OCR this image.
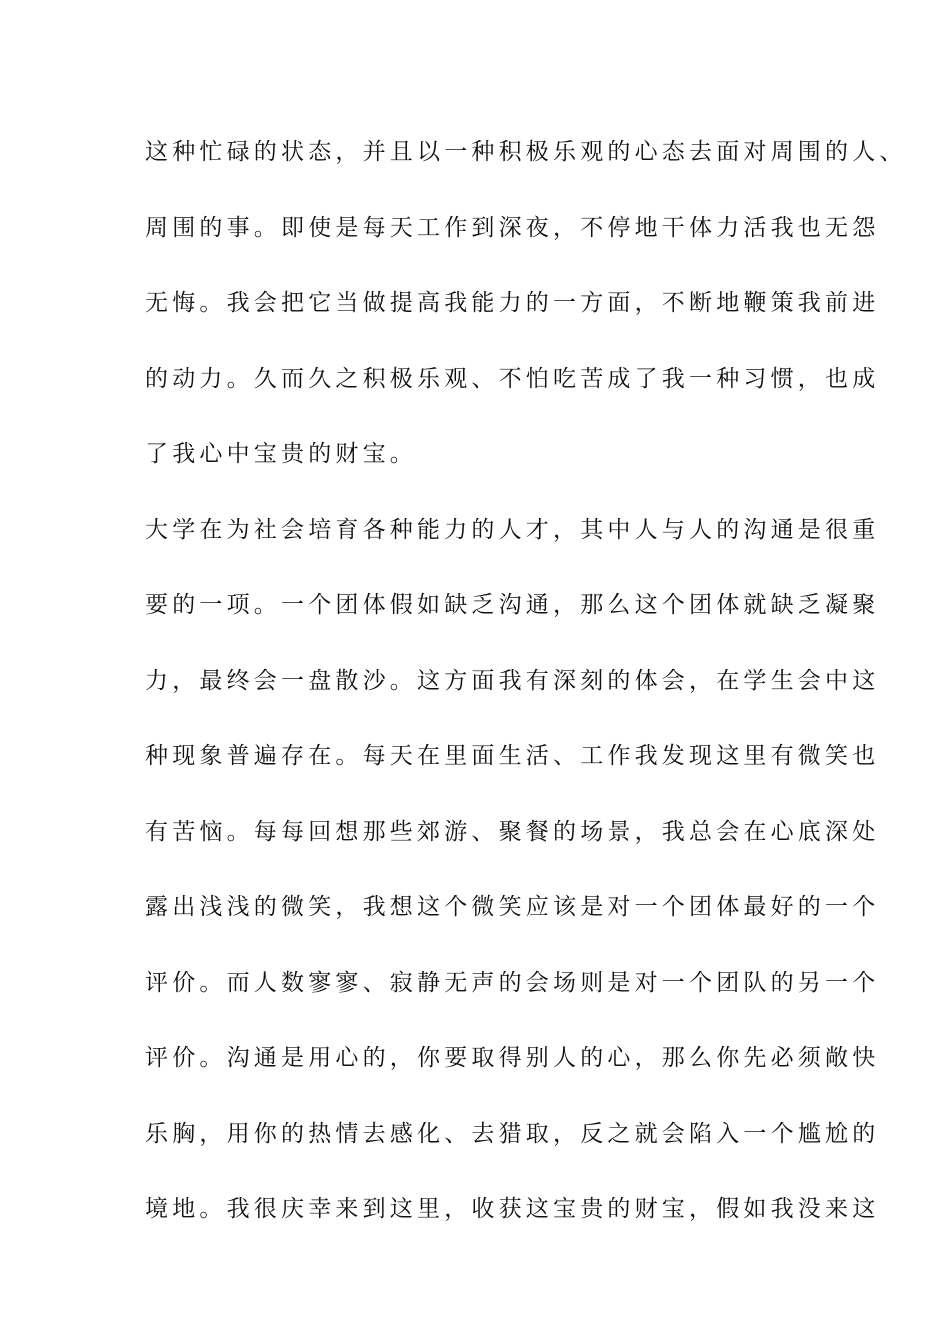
这种忙碌的状态，并且以一种积极乐观的心态去面对周围的人、
周围的事。即使是每天工作到深夜，不停地干体力活我也无怨
无悔。我会把它当做提高我能力的一方面，不断地鞭策我前进
的动力。久而久之积极乐观、不怕吃苦成了我一种习惯，也成
了我心中宝贵的财宝。
大学在为社会培育各种能力的人才，其中人与人的沟通是很重
要的一项。一个团体假如缺乏沟通，那么这个团体就缺乏凝聚
力，最终会一盘散沙。这方面我有深刻的体会，在学生会中这
种现象普遍存在。每天在里面生活、工作我发现这里有微笑也
有苦恼。每每回想那些郊游、聚餐的场景，我总会在心底深处
露出浅浅的微笑，我想这个微笑应该是对一个团体最好的一个
评价。而人数寥寥、寂静无声的会场则是对一个团队的另一个
评价。沟通是用心的，你要取得别人的心，那么你先必须敞快
乐胸，用你的热情去感化、去猎取，反之就会陷入一个尴尬的
境地。我很庆幸来到这里，收获这宝贵的财宝，假如我没来这
